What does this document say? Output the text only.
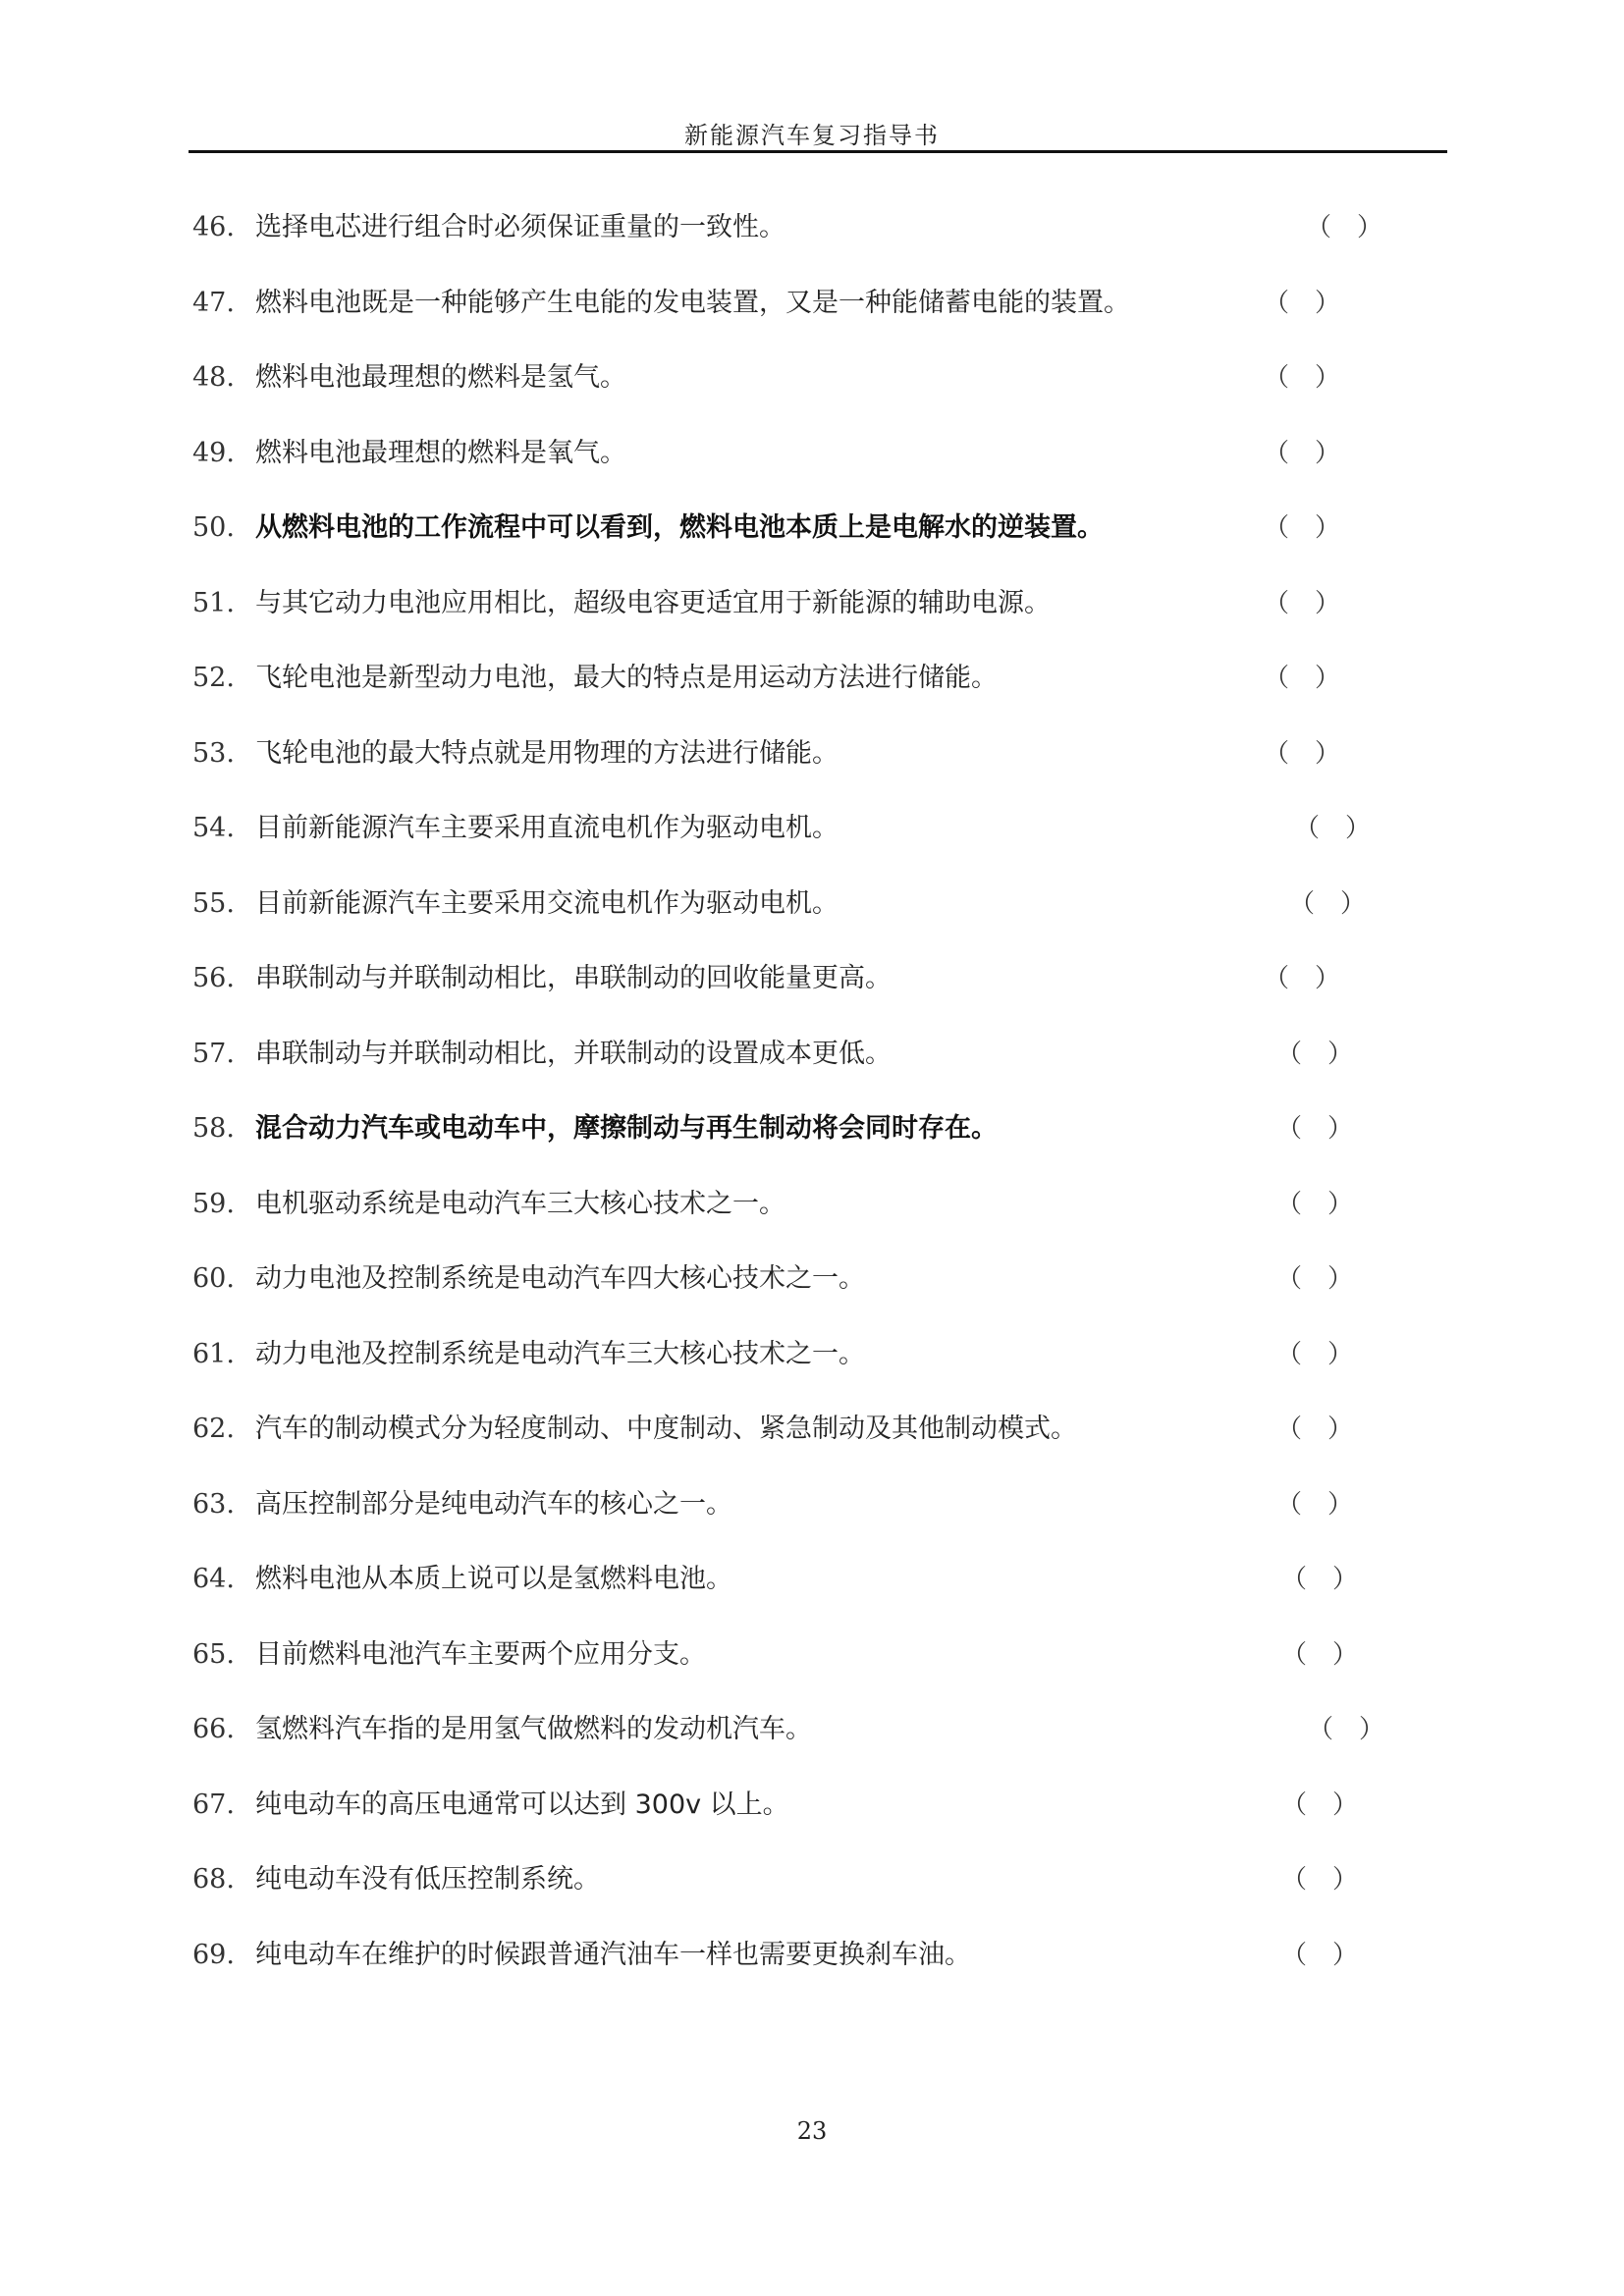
新能源汽车复习指导书
46. 选择电芯进行组合时必须保证重量的一致性。	（ ）
47. 燃料电池既是一种能够产生电能的发电装置，又是一种能储蓄电能的装置。	（ ）
48. 燃料电池最理想的燃料是氢气。	（ ）
49. 燃料电池最理想的燃料是氧气。	（ ）
50. 从燃料电池的工作流程中可以看到，燃料电池本质上是电解水的逆装置。	（ ）
51. 与其它动力电池应用相比，超级电容更适宜用于新能源的辅助电源。	（ ）
52. 飞轮电池是新型动力电池，最大的特点是用运动方法进行储能。	（ ）
53. 飞轮电池的最大特点就是用物理的方法进行储能。	（ ）
54. 目前新能源汽车主要采用直流电机作为驱动电机。	（ ）
55. 目前新能源汽车主要采用交流电机作为驱动电机。	（ ）
56. 串联制动与并联制动相比，串联制动的回收能量更高。	（ ）
57. 串联制动与并联制动相比，并联制动的设置成本更低。	（ ）
58. 混合动力汽车或电动车中，摩擦制动与再生制动将会同时存在。	（ ）
59. 电机驱动系统是电动汽车三大核心技术之一。	（ ）
60. 动力电池及控制系统是电动汽车四大核心技术之一。	（ ）
61. 动力电池及控制系统是电动汽车三大核心技术之一。	（ ）
62. 汽车的制动模式分为轻度制动、中度制动、紧急制动及其他制动模式。	（ ）
63. 高压控制部分是纯电动汽车的核心之一。	（ ）
64. 燃料电池从本质上说可以是氢燃料电池。	（ ）
65. 目前燃料电池汽车主要两个应用分支。	（ ）
66. 氢燃料汽车指的是用氢气做燃料的发动机汽车。	（ ）
67. 纯电动车的高压电通常可以达到 300v 以上。	（ ）
68. 纯电动车没有低压控制系统。	（ ）
69. 纯电动车在维护的时候跟普通汽油车一样也需要更换刹车油。	（ ）
23
